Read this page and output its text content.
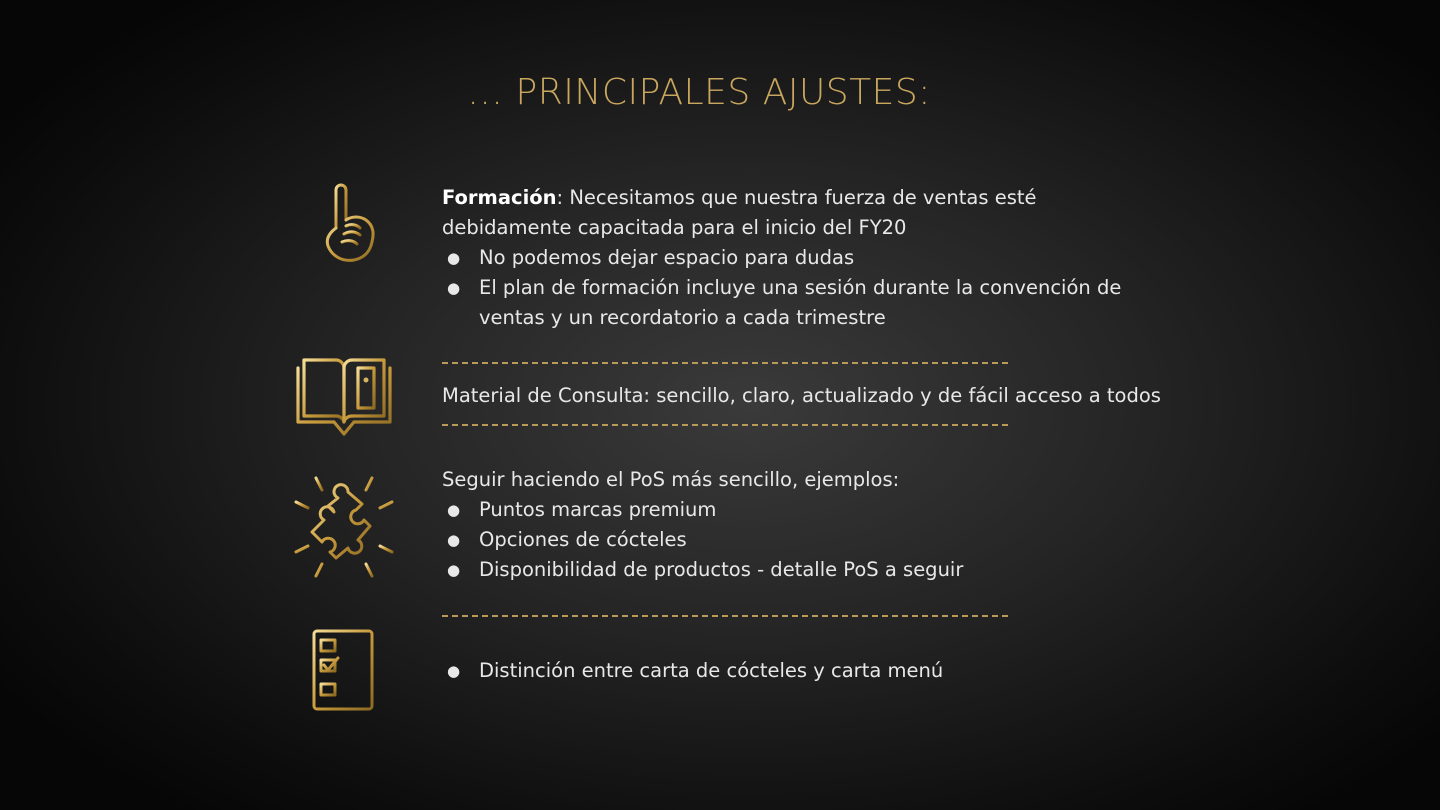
… PRINCIPALES AJUSTES:
Formación: Necesitamos que nuestra fuerza de ventas esté debidamente capacitada para el inicio del FY20
● No podemos dejar espacio para dudas
● El plan de formación incluye una sesión durante la convención de ventas y un recordatorio a cada trimestre
Material de Consulta: sencillo, claro, actualizado y de fácil acceso a todos
Seguir haciendo el PoS más sencillo, ejemplos:
● Puntos marcas premium
● Opciones de cócteles
● Disponibilidad de productos - detalle PoS a seguir
● Distinción entre carta de cócteles y carta menú
